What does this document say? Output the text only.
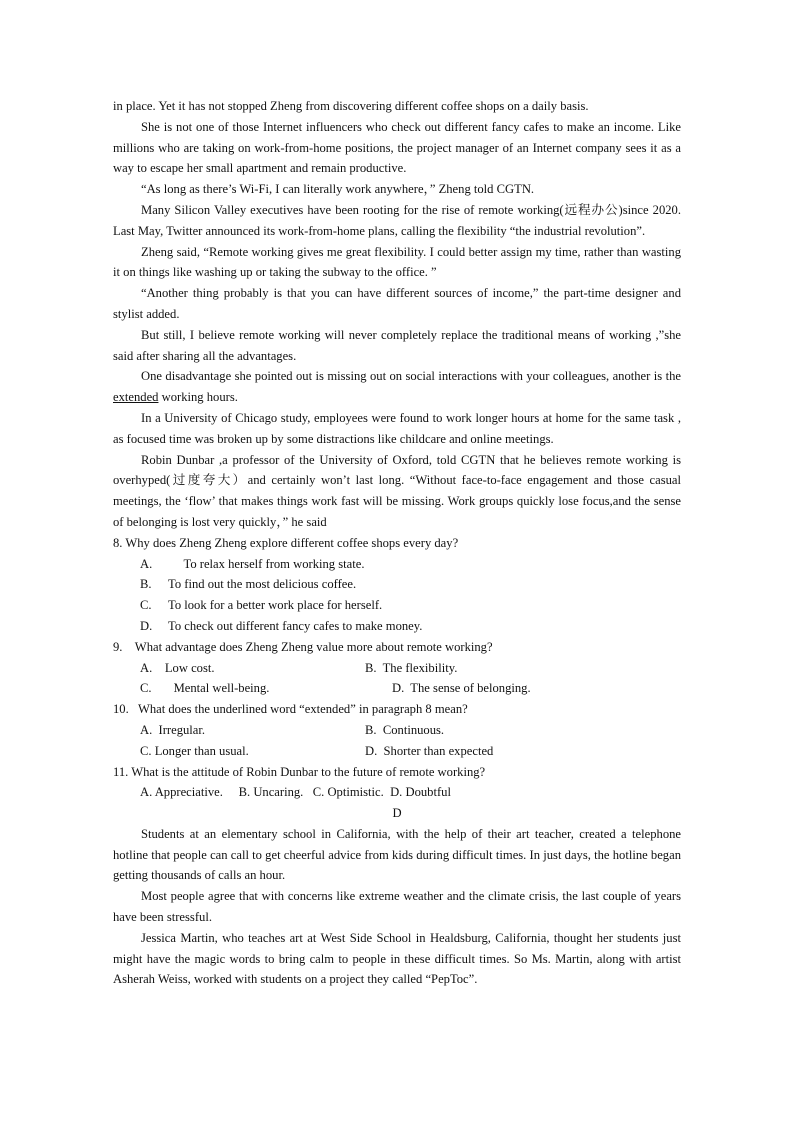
in place. Yet it has not stopped Zheng from discovering different coffee shops on a daily basis.

She is not one of those Internet influencers who check out different fancy cafes to make an income. Like millions who are taking on work-from-home positions, the project manager of an Internet company sees it as a way to escape her small apartment and remain productive.

“As long as there’s Wi-Fi, I can literally work anywhere，” Zheng told CGTN.

Many Silicon Valley executives have been rooting for the rise of remote working(远程办公)since 2020. Last May, Twitter announced its work-from-home plans, calling the flexibility “the industrial revolution”.

Zheng said, “Remote working gives me great flexibility. I could better assign my time, rather than wasting it on things like washing up or taking the subway to the office. ”

“Another thing probably is that you can have different sources of income,” the part-time designer and stylist added.

But still, I believe remote working will never completely replace the traditional means of working ,”she said after sharing all the advantages.

One disadvantage she pointed out is missing out on social interactions with your colleagues, another is the extended working hours.

In a University of Chicago study, employees were found to work longer hours at home for the same task , as focused time was broken up by some distractions like childcare and online meetings.

Robin Dunbar ,a professor of the University of Oxford, told CGTN that he believes remote working is overhyped(过度夸大）and certainly won’t last long. “Without face-to-face engagement and those casual meetings, the ‘flow’ that makes things work fast will be missing. Work groups quickly lose focus,and the sense of belonging is lost very quickly，” he said

8. Why does Zheng Zheng explore different coffee shops every day?

A.     To relax herself from working state.

B. To find out the most delicious coffee.

C. To look for a better work place for herself.

D. To check out different fancy cafes to make money.

9.    What advantage does Zheng Zheng value more about remote working?

A.    Low cost.	B.  The flexibility.

C.       Mental well-being.	D.  The sense of belonging.

10.   What does the underlined word “extended” in paragraph 8 mean?

A.  Irregular.	B.  Continuous.

C. Longer than usual.	D.  Shorter than expected

11. What is the attitude of Robin Dunbar to the future of remote working?

A. Appreciative.     B. Uncaring.   C. Optimistic.  D. Doubtful

D

Students at an elementary school in California, with the help of their art teacher, created a telephone hotline that people can call to get cheerful advice from kids during difficult times. In just days, the hotline began getting thousands of calls an hour.

Most people agree that with concerns like extreme weather and the climate crisis, the last couple of years have been stressful.

Jessica Martin, who teaches art at West Side School in Healdsburg, California, thought her students just might have the magic words to bring calm to people in these difficult times. So Ms. Martin, along with artist Asherah Weiss, worked with students on a project they called “PepToc”.
